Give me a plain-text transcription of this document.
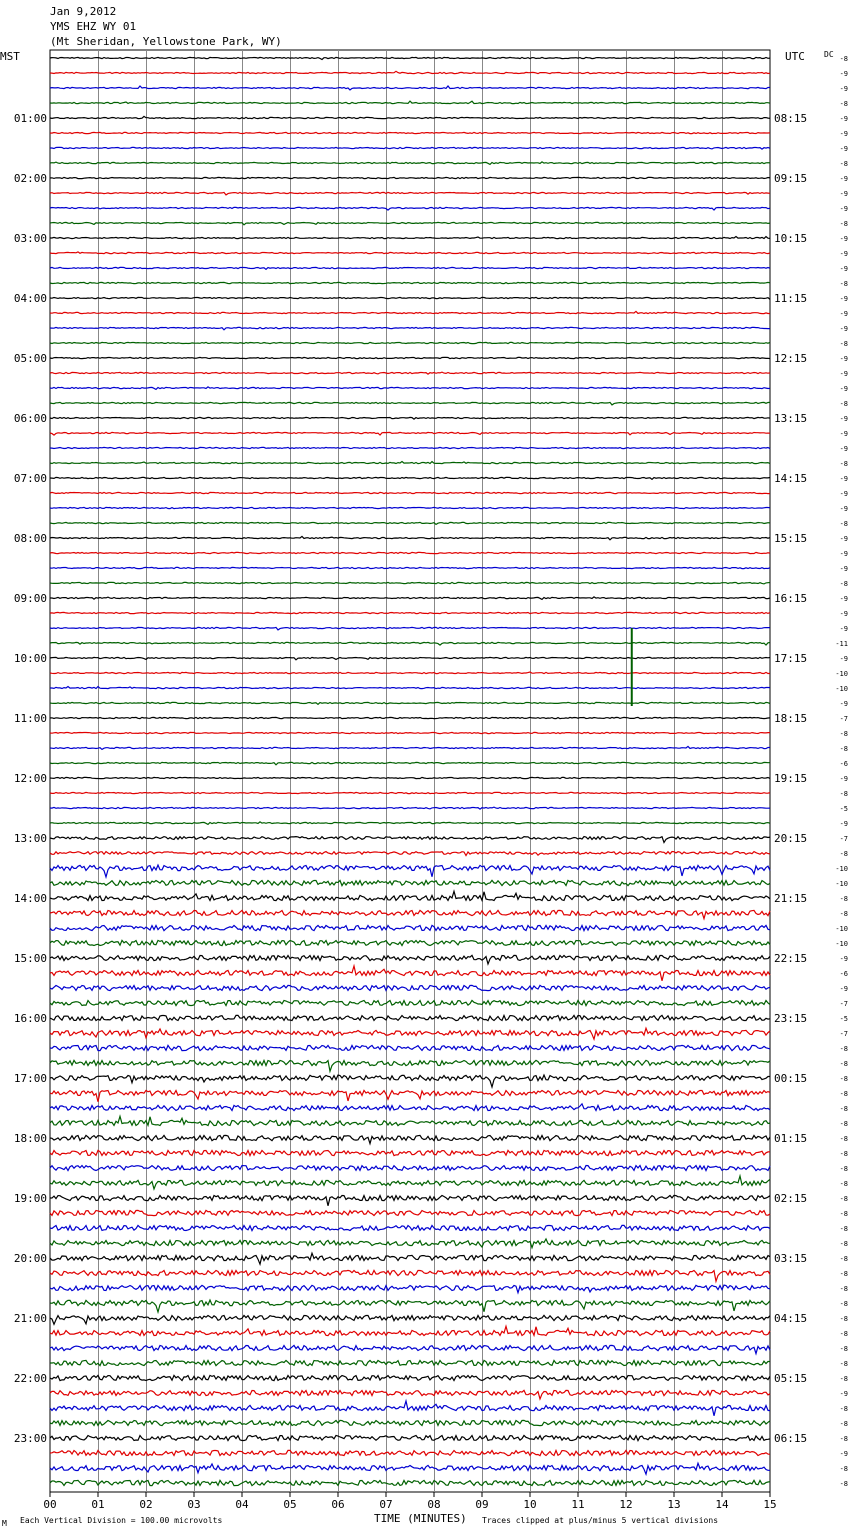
-8
-9
-9
-8
-9
-9
-9
-8
-9
-9
-9
-8
-9
-9
-9
-8
-9
-9
-9
-8
-9
-9
-9
-8
-9
-9
-9
-8
-9
-9
-9
-8
-9
-9
-9
-8
-9
-9
-9
-11
-9
-10
-10
-9
-7
-8
-8
-6
-9
-8
-5
-9
-7
-8
-10
-10
-8
-8
-10
-10
-9
-6
-9
-7
-5
-7
-8
-8
-8
-8
-8
-8
-8
-8
-8
-8
-8
-8
-8
-8
-8
-8
-8
-8
-8
-8
-8
-8
-8
-9
-8
-8
-8
-9
-8
-8
01:00	08:15
02:00	09:15
03:00	10:15
04:00	11:15
05:00	12:15
06:00	13:15
07:00	14:15
08:00	15:15
09:00	16:15
10:00	17:15
11:00	18:15
12:00	19:15
13:00	20:15
14:00	21:15
15:00	22:15
16:00	23:15
17:00	00:15
18:00	01:15
19:00	02:15
20:00	03:15
21:00	04:15
22:00	05:15
23:00	06:15
00	01	02	03	04	05	06	07	08	09	10	11	12	13	14	15
Jan 9,2012
YMS EHZ WY 01
(Mt Sheridan, Yellowstone Park, WY)
MST	UTC DC
M Each Vertical Division = 100.00 microvolts	TIME (MINUTES) Traces clipped at plus/minus 5 vertical divisions
